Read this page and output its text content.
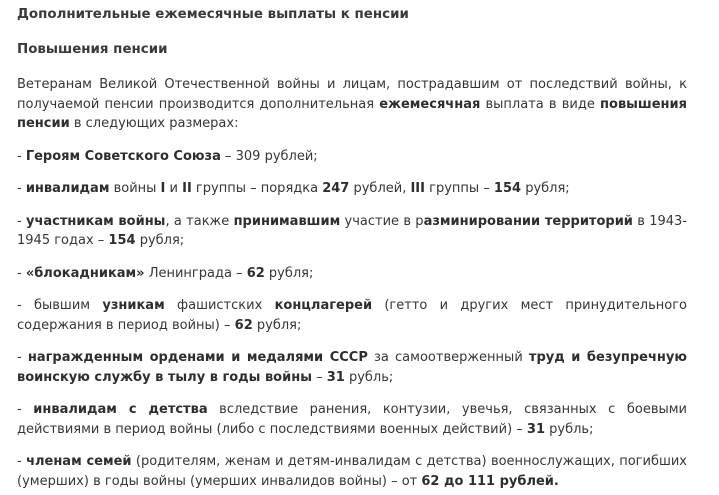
Дополнительные ежемесячные выплаты к пенсии
Повышения пенсии

Ветеранам Великой Отечественной войны и лицам, пострадавшим от последствий войны, к получаемой пенсии производится дополнительная ежемесячная выплата в виде повышения пенсии в следующих размерах:

- Героям Советского Союза – 309 рублей;

- инвалидам войны I и II группы – порядка 247 рублей, III группы – 154 рубля;

- участникам войны, а также принимавшим участие в разминировании территорий в 1943-1945 годах – 154 рубля;

- «блокадникам» Ленинграда – 62 рубля;

- бывшим узникам фашистских концлагерей (гетто и других мест принудительного содержания в период войны) – 62 рубля;

- награжденным орденами и медалями СССР за самоотверженный труд и безупречную воинскую службу в тылу в годы войны – 31 рубль;

- инвалидам с детства вследствие ранения, контузии, увечья, связанных с боевыми действиями в период войны (либо с последствиями военных действий) – 31 рубль;

- членам семей (родителям, женам и детям-инвалидам с детства) военнослужащих, погибших (умерших) в годы войны (умерших инвалидов войны) – от 62 до 111 рублей.
